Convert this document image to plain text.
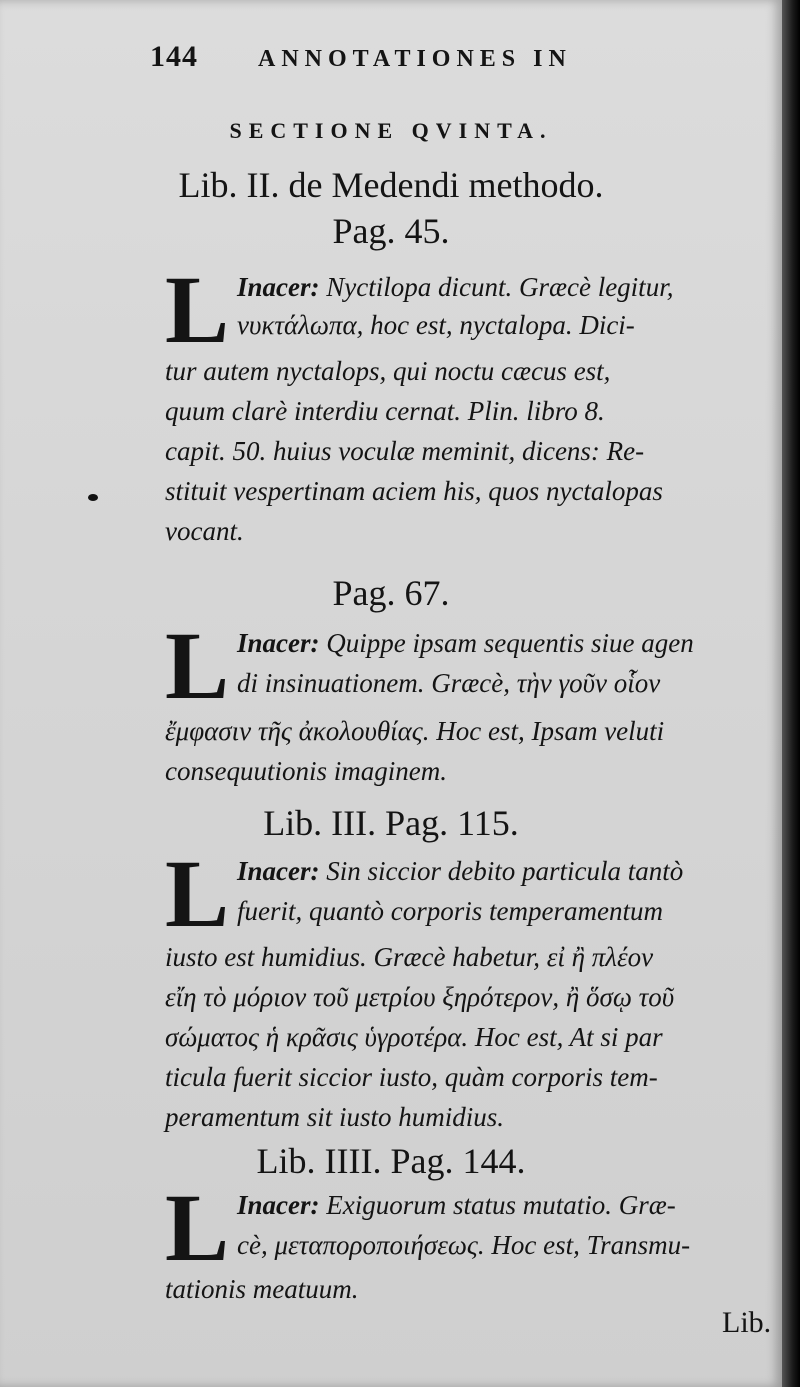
144	ANNOTATIONES IN
SECTIONE QVINTA.
Lib. II. de Medendi methodo.
Pag. 45.
L Inacer: Nyctilopa dicunt. Græcè legitur,
νυκτάλωπα, hoc est, nyctalopa. Dici-
tur autem nyctalops, qui noctu cæcus est,
quum clarè interdiu cernat. Plin. libro 8.
capit. 50. huius voculæ meminit, dicens: Re-
stituit vespertinam aciem his, quos nyctalopas
vocant.
Pag. 67.
L Inacer: Quippe ipsam sequentis siue agen
di insinuationem. Græcè, τὴν γοῦν οἷον
ἔμφασιν τῆς ἀκολουθίας. Hoc est, Ipsam veluti
consequutionis imaginem.
Lib. III. Pag. 115.
L Inacer: Sin siccior debito particula tantò
fuerit, quantò corporis temperamentum
iusto est humidius. Græcè habetur, εἰ ἢ πλέον
εἴη τὸ μόριον τοῦ μετρίου ξηρότερον, ἢ ὅσῳ τοῦ
σώματος ἡ κρᾶσις ὑγροτέρα. Hoc est, At si par
ticula fuerit siccior iusto, quàm corporis tem-
peramentum sit iusto humidius.
Lib. IIII. Pag. 144.
L Inacer: Exiguorum status mutatio. Græ-
cè, μεταποροποιήσεως. Hoc est, Transmu-
tationis meatuum.
Lib.
